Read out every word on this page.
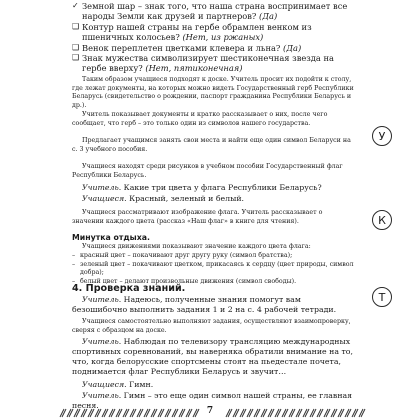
✓ Земной шар – знак того, что наша страна воспринимает все народы Земли как друзей и партнеров? (Да)
❑ Контур нашей страны на гербе обрамлен венком из пшеничных колосьев? (Нет, из ржаных)
❑ Венок переплетен цветками клевера и льна? (Да)
❑ Знак мужества символизирует шестиконечная звезда на гербе вверху? (Нет, пятиконечная)

Таким образом учащиеся подходят к доске. Учитель просит их подойти к столу, где лежат документы, на которых можно видеть Государственный герб Республики Беларусь (свидетельство о рождении, паспорт гражданина Республики Беларусь и др.).

Учитель показывает документы и кратко рассказывает о них, после чего сообщает, что герб – это только один из символов нашего государства.

Предлагает учащимся занять свои места и найти еще один символ Беларуси на с. 3 учебного пособия.

Учащиеся находят среди рисунков в учебном пособии Государственный флаг Республики Беларусь.

Учитель. Какие три цвета у флага Республики Беларусь?

Учащиеся. Красный, зеленый и белый.

Учащиеся рассматривают изображение флага. Учитель рассказывает о значении каждого цвета (рассказ «Наш флаг» в книге для чтения).

Минутка отдыха.

Учащиеся движениями показывают значение каждого цвета флага:

– красный цвет – покачивают друг другу руку (символ братства);
– зеленый цвет – покачивают цветком, прикасаясь к сердцу (цвет природы, символ добра);
– белый цвет – делают произвольные движения (символ свободы).

4. Проверка знаний.

Учитель. Надеюсь, полученные знания помогут вам безошибочно выполнить задания 1 и 2 на с. 4 рабочей тетради.

Учащиеся самостоятельно выполняют задания, осуществляют взаимопроверку, сверяя с образцом на доске.

Учитель. Наблюдая по телевизору трансляцию международных спортивных соревнований, вы наверняка обратили внимание на то, что, когда белорусские спортсмены стоят на пьедестале почета, поднимается флаг Республики Беларусь и звучит…

Учащиеся. Гимн.

Учитель. Гимн – это еще один символ нашей страны, ее главная песня.

У
К
Т
7
